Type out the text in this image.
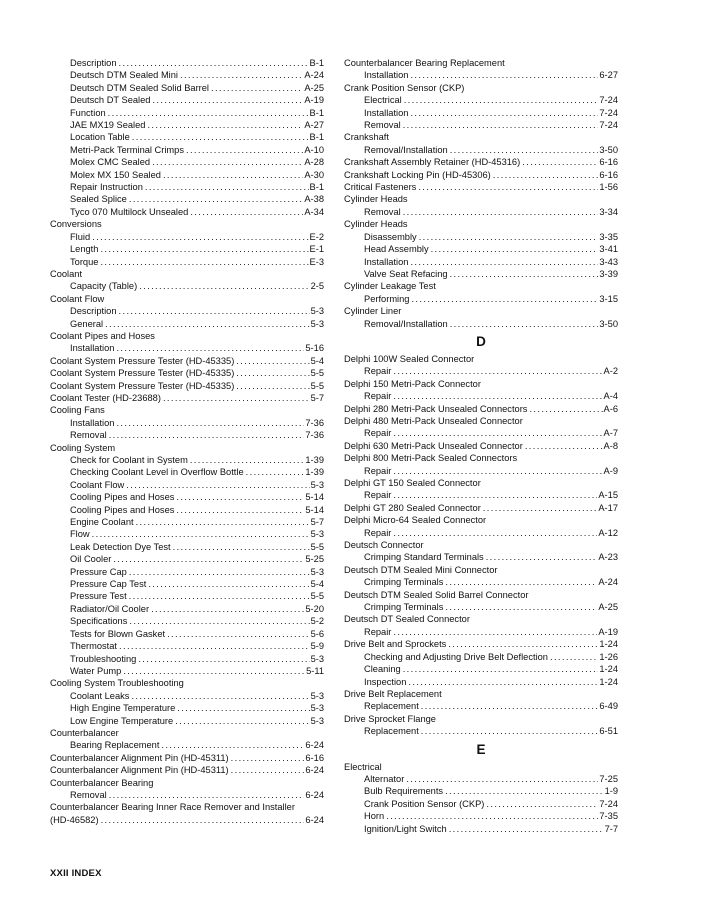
Description . . .	B-1
Deutsch DTM Sealed Mini . . .	A-24
Deutsch DTM Sealed Solid Barrel . . .	A-25
Deutsch DT Sealed . . .	A-19
Function . . .	B-1
JAE MX19 Sealed . . .	A-27
Location Table . . .	B-1
Metri-Pack Terminal Crimps . . .	A-10
Molex CMC Sealed . . .	A-28
Molex MX 150 Sealed . . .	A-30
Repair Instruction . . .	B-1
Sealed Splice . . .	A-38
Tyco 070 Multilock Unsealed . . .	A-34
Conversions
Fluid . . .	E-2
Length . . .	E-1
Torque . . .	E-3
Coolant
Capacity (Table) . . .	2-5
Coolant Flow
Description . . .	5-3
General . . .	5-3
Coolant Pipes and Hoses
Installation . . .	5-16
Coolant System Pressure Tester (HD-45335) . . .	5-4
Coolant System Pressure Tester (HD-45335) . . .	5-5
Coolant System Pressure Tester (HD-45335) . . .	5-5
Coolant Tester (HD-23688) . . .	5-7
Cooling Fans
Installation . . .	7-36
Removal . . .	7-36
Cooling System
Check for Coolant in System . . .	1-39
Checking Coolant Level in Overflow Bottle . . .	1-39
Coolant Flow . . .	5-3
Cooling Pipes and Hoses . . .	5-14
Cooling Pipes and Hoses . . .	5-14
Engine Coolant . . .	5-7
Flow . . .	5-3
Leak Detection Dye Test . . .	5-5
Oil Cooler . . .	5-25
Pressure Cap . . .	5-3
Pressure Cap Test . . .	5-4
Pressure Test . . .	5-5
Radiator/Oil Cooler . . .	5-20
Specifications . . .	5-2
Tests for Blown Gasket . . .	5-6
Thermostat . . .	5-9
Troubleshooting . . .	5-3
Water Pump . . .	5-11
Cooling System Troubleshooting
Coolant Leaks . . .	5-3
High Engine Temperature . . .	5-3
Low Engine Temperature . . .	5-3
Counterbalancer
Bearing Replacement . . .	6-24
Counterbalancer Alignment Pin (HD-45311) . . .	6-16
Counterbalancer Alignment Pin (HD-45311) . . .	6-24
Counterbalancer Bearing
Removal . . .	6-24
Counterbalancer Bearing Inner Race Remover and Installer
(HD-46582) . . .	6-24
Counterbalancer Bearing Replacement
Installation . . .	6-27
Crank Position Sensor (CKP)
Electrical . . .	7-24
Installation . . .	7-24
Removal . . .	7-24
Crankshaft
Removal/Installation . . .	3-50
Crankshaft Assembly Retainer (HD-45316) . . .	6-16
Crankshaft Locking Pin (HD-45306) . . .	6-16
Critical Fasteners . . .	1-56
Cylinder Heads
Removal . . .	3-34
Cylinder Heads
Disassembly . . .	3-35
Head Assembly . . .	3-41
Installation . . .	3-43
Valve Seat Refacing . . .	3-39
Cylinder Leakage Test
Performing . . .	3-15
Cylinder Liner
Removal/Installation . . .	3-50
D
Delphi 100W Sealed Connector
Repair . . .	A-2
Delphi 150 Metri-Pack Connector
Repair . . .	A-4
Delphi 280 Metri-Pack Unsealed Connectors . . .	A-6
Delphi 480 Metri-Pack Unsealed Connector
Repair . . .	A-7
Delphi 630 Metri-Pack Unsealed Connector . . .	A-8
Delphi 800 Metri-Pack Sealed Connectors
Repair . . .	A-9
Delphi GT 150 Sealed Connector
Repair . . .	A-15
Delphi GT 280 Sealed Connector . . .	A-17
Delphi Micro-64 Sealed Connector
Repair . . .	A-12
Deutsch Connector
Crimping Standard Terminals . . .	A-23
Deutsch DTM Sealed Mini Connector
Crimping Terminals . . .	A-24
Deutsch DTM Sealed Solid Barrel Connector
Crimping Terminals . . .	A-25
Deutsch DT Sealed Connector
Repair . . .	A-19
Drive Belt and Sprockets . . .	1-24
Checking and Adjusting Drive Belt Deflection . . .	1-26
Cleaning . . .	1-24
Inspection . . .	1-24
Drive Belt Replacement
Replacement . . .	6-49
Drive Sprocket Flange
Replacement . . .	6-51
E
Electrical
Alternator . . .	7-25
Bulb Requirements . . .	1-9
Crank Position Sensor (CKP) . . .	7-24
Horn . . .	7-35
Ignition/Light Switch . . .	7-7
XXII INDEX
